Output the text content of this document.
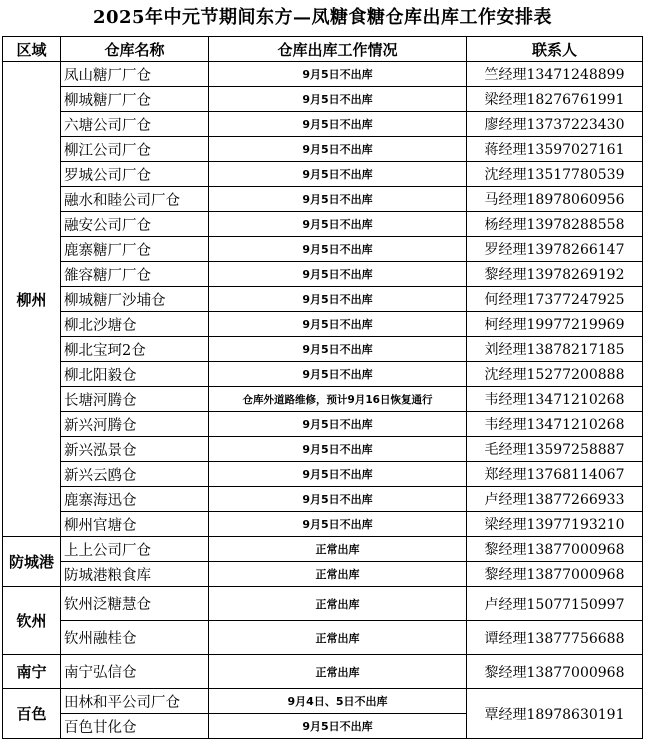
2025年中元节期间东方—凤糖食糖仓库出库工作安排表
区域	仓库名称	仓库出库工作情况	联系人
柳州	凤山糖厂厂仓	9月5日不出库	竺经理13471248899
	柳城糖厂厂仓	9月5日不出库	梁经理18276761991
	六塘公司厂仓	9月5日不出库	廖经理13737223430
	柳江公司厂仓	9月5日不出库	蒋经理13597027161
	罗城公司厂仓	9月5日不出库	沈经理13517780539
	融水和睦公司厂仓	9月5日不出库	马经理18978060956
	融安公司厂仓	9月5日不出库	杨经理13978288558
	鹿寨糖厂厂仓	9月5日不出库	罗经理13978266147
	雒容糖厂厂仓	9月5日不出库	黎经理13978269192
	柳城糖厂沙埔仓	9月5日不出库	何经理17377247925
	柳北沙塘仓	9月5日不出库	柯经理19977219969
	柳北宝珂2仓	9月5日不出库	刘经理13878217185
	柳北阳毅仓	9月5日不出库	沈经理15277200888
	长塘河腾仓	仓库外道路维修，预计9月16日恢复通行	韦经理13471210268
	新兴河腾仓	9月5日不出库	韦经理13471210268
	新兴泓景仓	9月5日不出库	毛经理13597258887
	新兴云鸥仓	9月5日不出库	郑经理13768114067
	鹿寨海迅仓	9月5日不出库	卢经理13877266933
	柳州官塘仓	9月5日不出库	梁经理13977193210
防城港	上上公司厂仓	正常出库	黎经理13877000968
	防城港粮食库	正常出库	黎经理13877000968
钦州	钦州泛糖慧仓	正常出库	卢经理15077150997
	钦州融桂仓	正常出库	谭经理13877756688
南宁	南宁弘信仓	正常出库	黎经理13877000968
百色	田林和平公司厂仓	9月4日、5日不出库	覃经理18978630191
	百色甘化仓	9月5日不出库	
